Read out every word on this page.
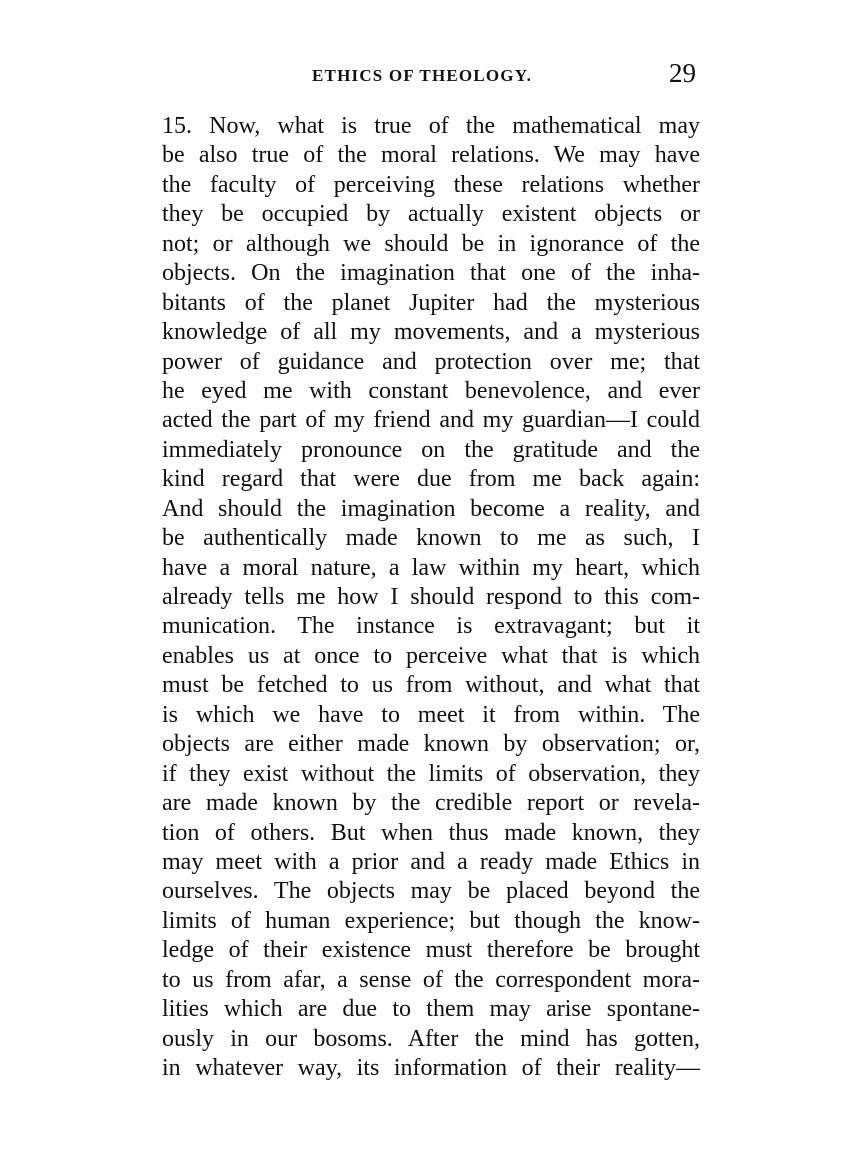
ETHICS OF THEOLOGY.	29
15. Now, what is true of the mathematical may
be also true of the moral relations. We may have
the faculty of perceiving these relations whether
they be occupied by actually existent objects or
not; or although we should be in ignorance of the
objects. On the imagination that one of the inha-
bitants of the planet Jupiter had the mysterious
knowledge of all my movements, and a mysterious
power of guidance and protection over me; that
he eyed me with constant benevolence, and ever
acted the part of my friend and my guardian—I could
immediately pronounce on the gratitude and the
kind regard that were due from me back again:
And should the imagination become a reality, and
be authentically made known to me as such, I
have a moral nature, a law within my heart, which
already tells me how I should respond to this com-
munication. The instance is extravagant; but it
enables us at once to perceive what that is which
must be fetched to us from without, and what that
is which we have to meet it from within. The
objects are either made known by observation; or,
if they exist without the limits of observation, they
are made known by the credible report or revela-
tion of others. But when thus made known, they
may meet with a prior and a ready made Ethics in
ourselves. The objects may be placed beyond the
limits of human experience; but though the know-
ledge of their existence must therefore be brought
to us from afar, a sense of the correspondent mora-
lities which are due to them may arise spontane-
ously in our bosoms. After the mind has gotten,
in whatever way, its information of their reality—
